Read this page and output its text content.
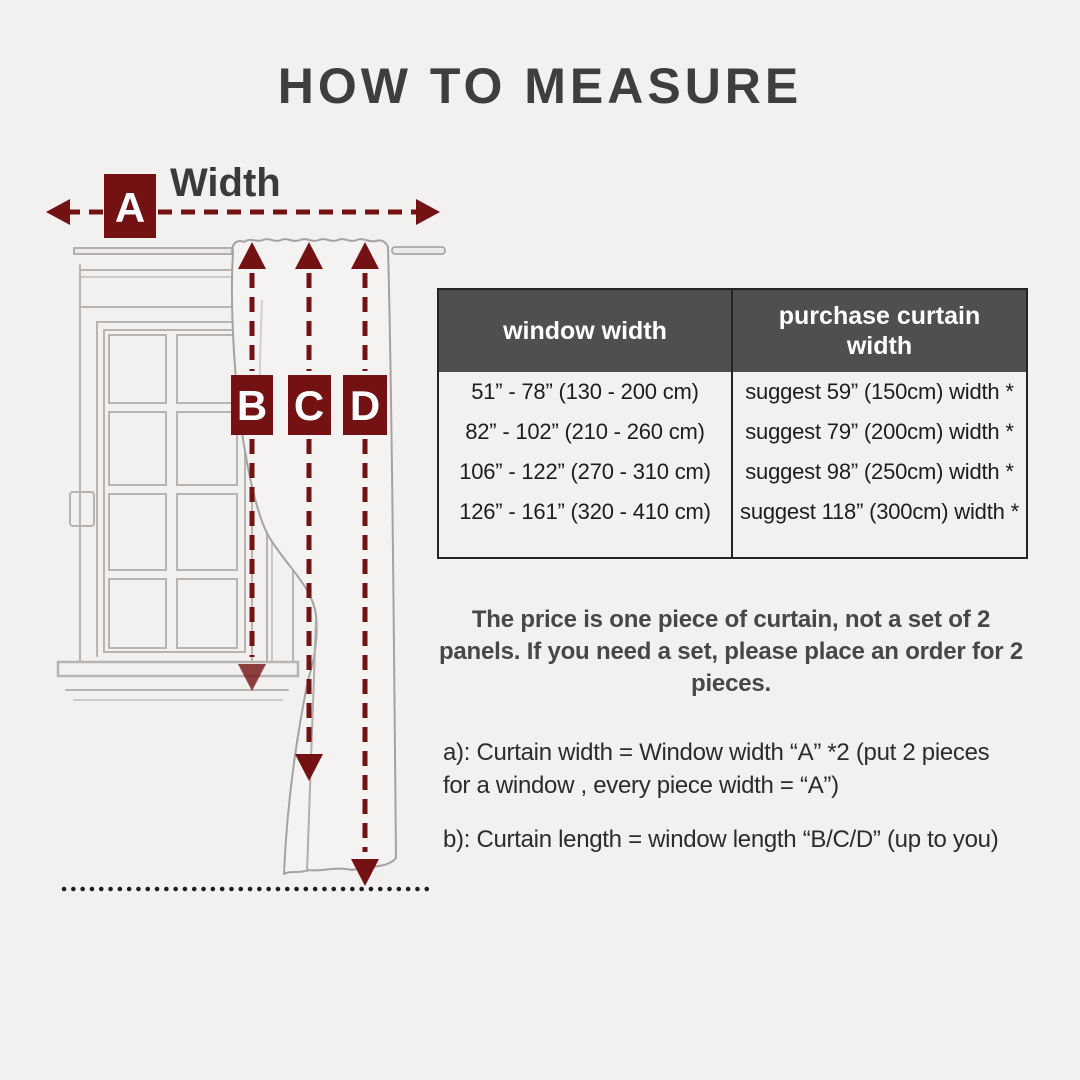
HOW TO MEASURE
Width
A
B C D
window width
purchase curtain width
51” - 78” (130 - 200 cm)	suggest 59” (150cm) width *
82” - 102” (210 - 260 cm)	suggest 79” (200cm) width *
106” - 122” (270 - 310 cm)	suggest 98” (250cm) width *
126” - 161” (320 - 410 cm)	suggest 118” (300cm) width *
The price is one piece of curtain, not a set of 2
panels. If you need a set, please place an order for 2
pieces.
a): Curtain width = Window width “A” *2 (put 2 pieces
for a window , every piece width = “A”)
b): Curtain length = window length “B/C/D” (up to you)
